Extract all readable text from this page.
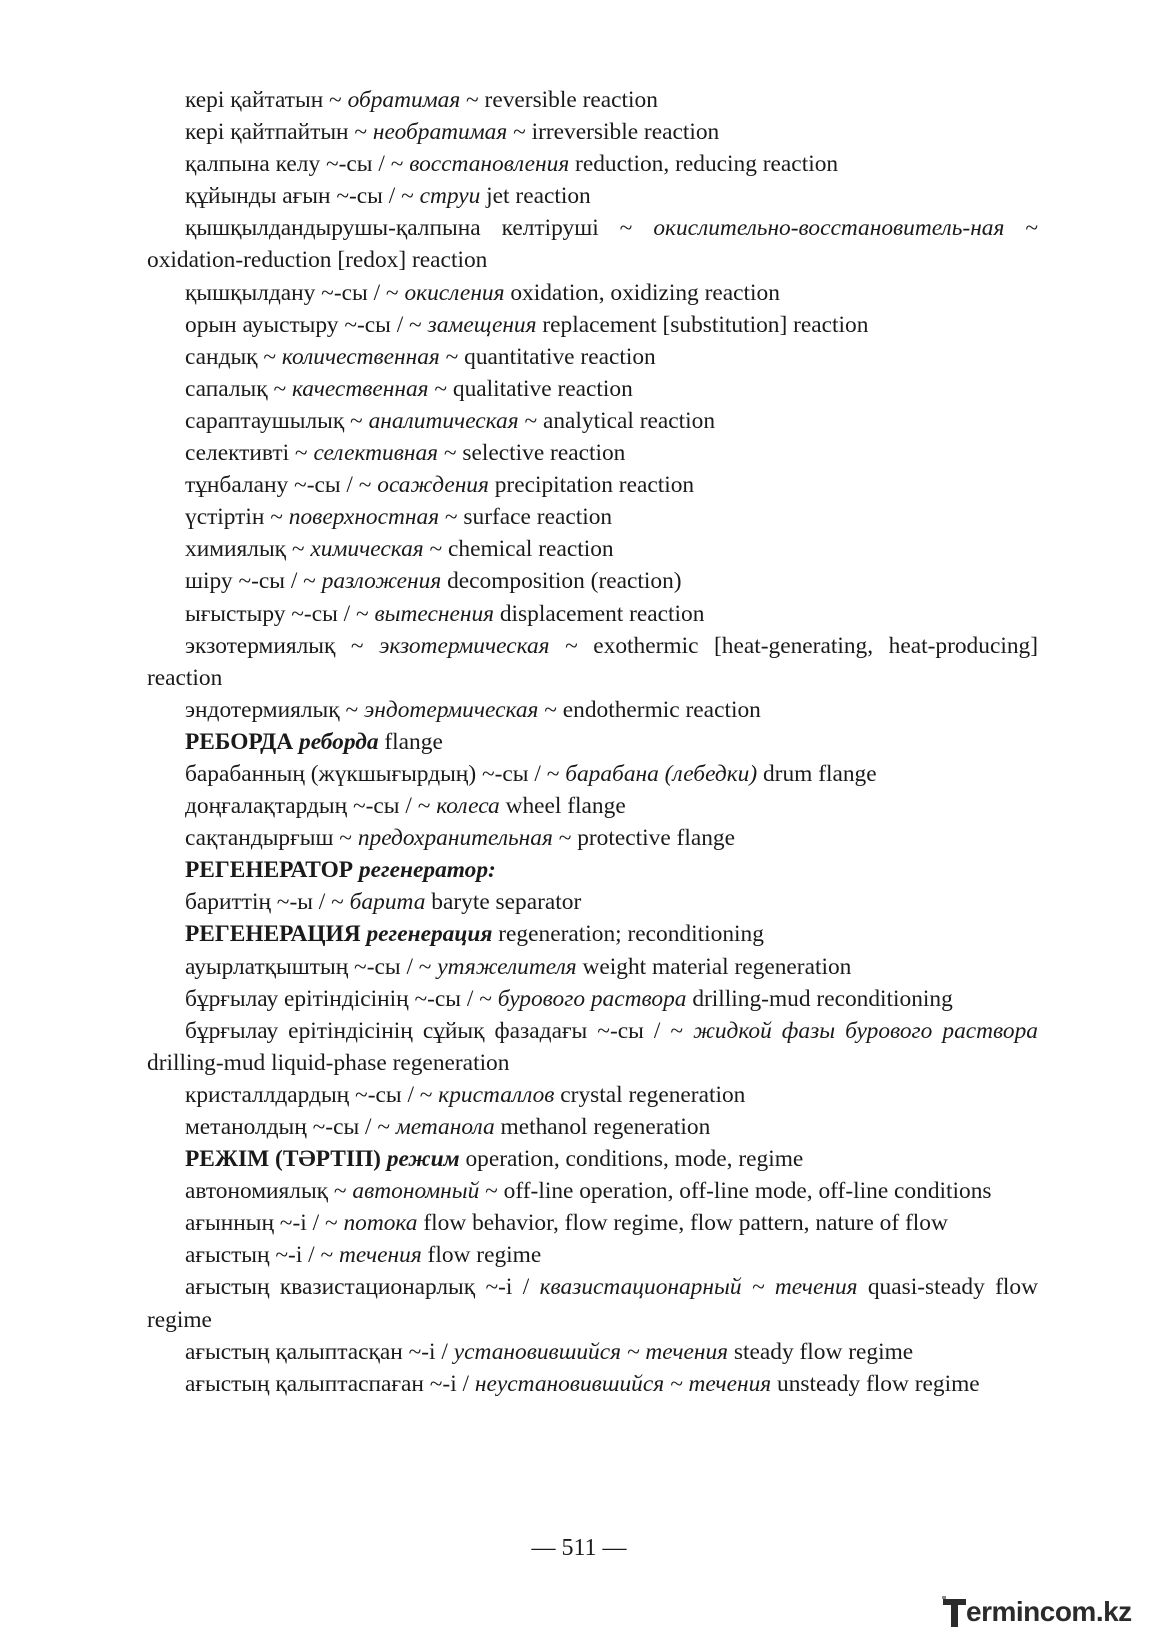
кері қайтатын ~ обратимая ~ reversible reaction

кері қайтпайтын ~ необратимая ~ irreversible reaction

қалпына келу ~-сы / ~ восстановления reduction, reducing reaction

құйынды ағын ~-сы / ~ струи jet reaction

қышқылдандырушы-қалпына келтіруші ~ окислительно-восстановитель-ная ~ oxidation-reduction [redox] reaction

қышқылдану ~-сы / ~ окисления oxidation, oxidizing reaction

орын ауыстыру ~-сы / ~ замещения replacement [substitution] reaction

сандық ~ количественная ~ quantitative reaction

сапалық ~ качественная ~ qualitative reaction

сараптаушылық ~ аналитическая ~ analytical reaction

селективті ~ селективная ~ selective reaction

тұнбалану ~-сы / ~ осаждения precipitation reaction

үстіртін ~ поверхностная ~ surface reaction

химиялық ~ химическая ~ chemical reaction

шіру ~-сы / ~ разложения decomposition (reaction)

ығыстыру ~-сы / ~ вытеснения displacement reaction

экзотермиялық ~ экзотермическая ~ exothermic [heat-generating, heat-producing] reaction

эндотермиялық ~ эндотермическая ~ endothermic reaction

РЕБОРДА реборда flange

барабанның (жүкшығырдың) ~-сы / ~ барабана (лебедки) drum flange

доңғалақтардың ~-сы / ~ колеса wheel flange

сақтандырғыш ~ предохранительная ~ protective flange

РЕГЕНЕРАТОР регенератор:

бариттің ~-ы / ~ барита baryte separator

РЕГЕНЕРАЦИЯ регенерация regeneration; reconditioning

ауырлатқыштың ~-сы / ~ утяжелителя weight material regeneration

бұрғылау ерітіндісінің ~-сы / ~ бурового раствора drilling-mud reconditioning

бұрғылау ерітіндісінің сұйық фазадағы ~-сы / ~ жидкой фазы бурового раствора drilling-mud liquid-phase regeneration

кристаллдардың ~-сы / ~ кристаллов crystal regeneration

метанолдың ~-сы / ~ метанола methanol regeneration

РЕЖІМ (ТӘРТІП) режим operation, conditions, mode, regime

автономиялық ~ автономный ~ off-line operation, off-line mode, off-line conditions

ағынның ~-і / ~ потока flow behavior, flow regime, flow pattern, nature of flow

ағыстың ~-і / ~ течения flow regime

ағыстың квазистационарлық ~-і / квазистационарный ~ течения quasi-steady flow regime

ағыстың қалыптасқан ~-і / установившийся ~ течения steady flow regime

ағыстың қалыптаспаған ~-і / неустановившийся ~ течения unsteady flow regime

— 511 —
ermincom.kz
